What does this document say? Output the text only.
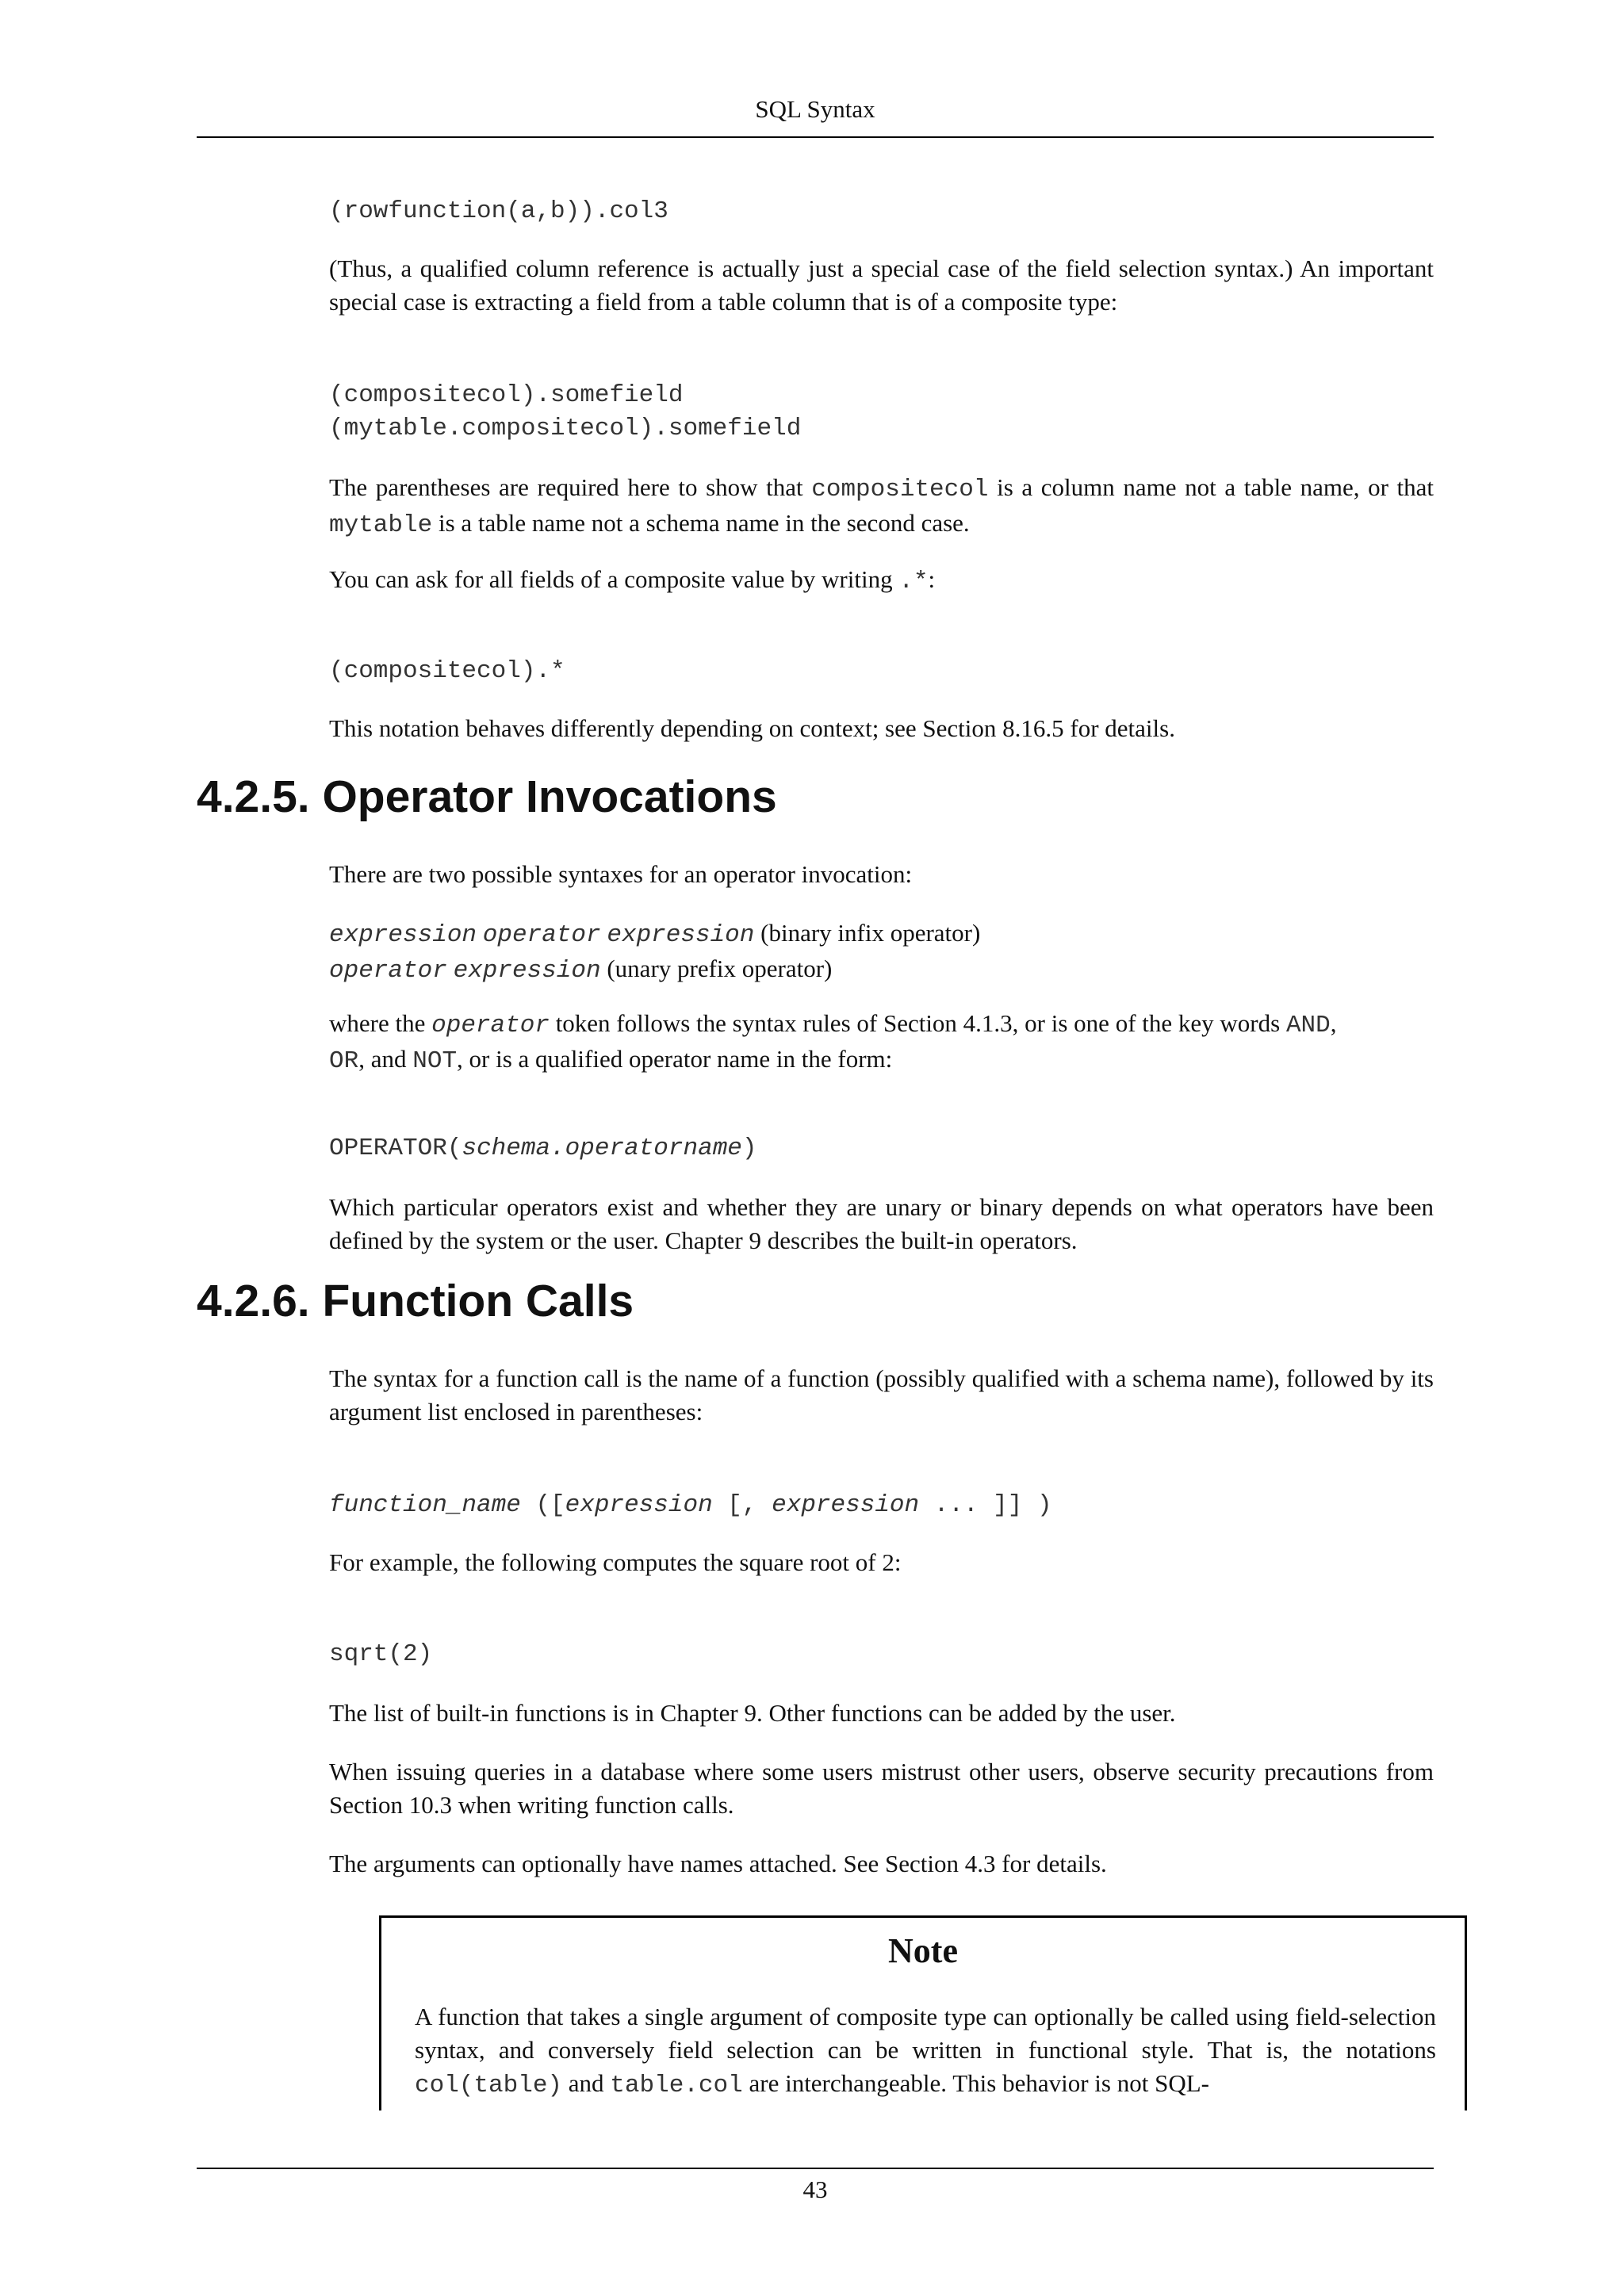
SQL Syntax
(rowfunction(a,b)).col3

(Thus, a qualified column reference is actually just a special case of the field selection syntax.) An important special case is extracting a field from a table column that is of a composite type:

(compositecol).somefield
(mytable.compositecol).somefield

The parentheses are required here to show that compositecol is a column name not a table name, or that mytable is a table name not a schema name in the second case.

You can ask for all fields of a composite value by writing .*:

(compositecol).*

This notation behaves differently depending on context; see Section 8.16.5 for details.

4.2.5. Operator Invocations

There are two possible syntaxes for an operator invocation:

expression operator expression (binary infix operator)
operator expression (unary prefix operator)

where the operator token follows the syntax rules of Section 4.1.3, or is one of the key words AND,
OR, and NOT, or is a qualified operator name in the form:

OPERATOR(schema.operatorname)

Which particular operators exist and whether they are unary or binary depends on what operators have been defined by the system or the user. Chapter 9 describes the built-in operators.

4.2.6. Function Calls

The syntax for a function call is the name of a function (possibly qualified with a schema name), followed by its argument list enclosed in parentheses:

function_name ([expression [, expression ... ]] )

For example, the following computes the square root of 2:

sqrt(2)

The list of built-in functions is in Chapter 9. Other functions can be added by the user.

When issuing queries in a database where some users mistrust other users, observe security precautions from Section 10.3 when writing function calls.

The arguments can optionally have names attached. See Section 4.3 for details.

Note

A function that takes a single argument of composite type can optionally be called using field-selection syntax, and conversely field selection can be written in functional style. That is, the notations col(table) and table.col are interchangeable. This behavior is not SQL-

43
